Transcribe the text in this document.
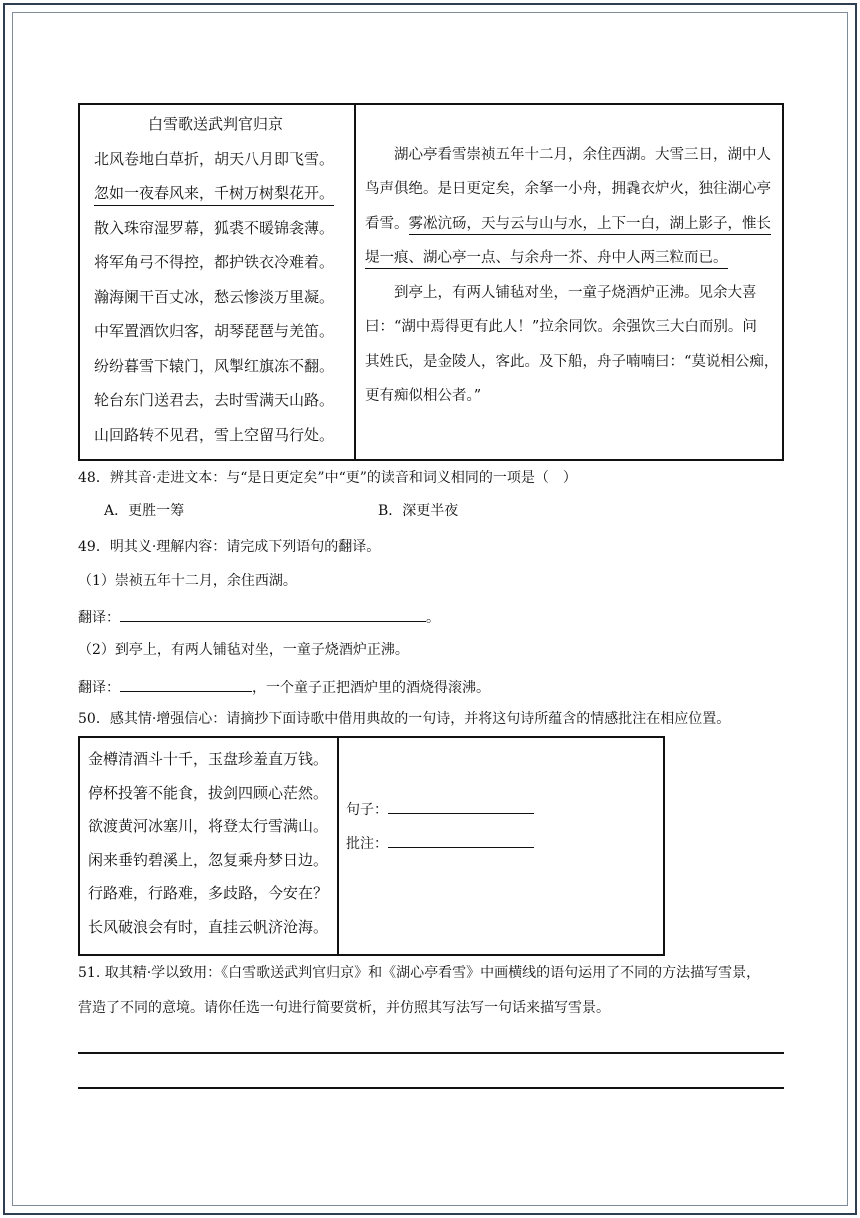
白雪歌送武判官归京
北风卷地白草折，胡天八月即飞雪。
忽如一夜春风来，千树万树梨花开。
散入珠帘湿罗幕，狐裘不暖锦衾薄。
将军角弓不得控，都护铁衣冷难着。
瀚海阑干百丈冰，愁云惨淡万里凝。
中军置酒饮归客，胡琴琵琶与羌笛。
纷纷暮雪下辕门，风掣红旗冻不翻。
轮台东门送君去，去时雪满天山路。
山回路转不见君，雪上空留马行处。
湖心亭看雪崇祯五年十二月，余住西湖。大雪三日，湖中人
鸟声俱绝。是日更定矣，余拏一小舟，拥毳衣炉火，独往湖心亭
看雪。雾凇沆砀，天与云与山与水，上下一白，湖上影子，惟长
堤一痕、湖心亭一点、与余舟一芥、舟中人两三粒而已。
到亭上，有两人铺毡对坐，一童子烧酒炉正沸。见余大喜
曰：“湖中焉得更有此人！”拉余同饮。余强饮三大白而别。问
其姓氏，是金陵人，客此。及下船，舟子喃喃曰：“莫说相公痴，
更有痴似相公者。”
48．辨其音·走进文本：与“是日更定矣”中“更”的读音和词义相同的一项是（　）
A．更胜一筹	B．深更半夜
49．明其义·理解内容：请完成下列语句的翻译。
（1）崇祯五年十二月，余住西湖。
翻译：	。
（2）到亭上，有两人铺毡对坐，一童子烧酒炉正沸。
翻译：	，一个童子正把酒炉里的酒烧得滚沸。
50．感其情·增强信心：请摘抄下面诗歌中借用典故的一句诗，并将这句诗所蕴含的情感批注在相应位置。
金樽清酒斗十千，玉盘珍羞直万钱。
停杯投箸不能食，拔剑四顾心茫然。
欲渡黄河冰塞川，将登太行雪满山。
闲来垂钓碧溪上，忽复乘舟梦日边。
行路难，行路难，多歧路，今安在？
长风破浪会有时，直挂云帆济沧海。
句子：
批注：
51. 取其精·学以致用：《白雪歌送武判官归京》和《湖心亭看雪》中画横线的语句运用了不同的方法描写雪景，
营造了不同的意境。请你任选一句进行简要赏析，并仿照其写法写一句话来描写雪景。
